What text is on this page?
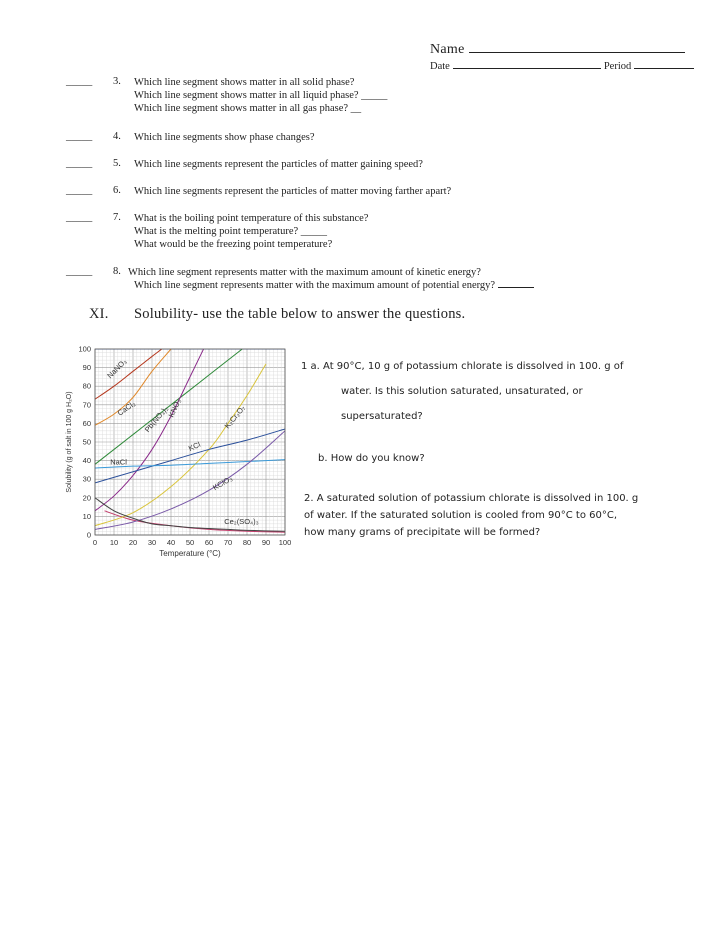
Name
Date	Period
_____ 3. Which line segment shows matter in all solid phase?
Which line segment shows matter in all liquid phase? _____
Which line segment shows matter in all gas phase? __
_____ 4. Which line segments show phase changes?
_____ 5. Which line segments represent the particles of matter gaining speed?
_____ 6. Which line segments represent the particles of matter moving farther apart?
_____ 7. What is the boiling point temperature of this substance?
What is the melting point temperature? _____
What would be the freezing point temperature?
_____ 8. Which line segment represents matter with the maximum amount of kinetic energy?
Which line segment represents matter with the maximum amount of potential energy?
XI. Solubility- use the table below to answer the questions.
0 10 20 30 40 50 60 70 80 90 100
0
10
20
30
40
50
60
70
80
90
100
Temperature (°C)
Solubility (g of salt in 100 g H₂O)
NaNO₃
CaCl₂ Pb(NO₃)₂
KNO₃	K₂Cr₂O₇
KCl
NaCl
KClO₃
Ce₂(SO₄)₃
1 a. At 90°C, 10 g of potassium chlorate is dissolved in 100. g of
water. Is this solution saturated, unsaturated, or
supersaturated?
b. How do you know?
2. A saturated solution of potassium chlorate is dissolved in 100. g
of water. If the saturated solution is cooled from 90°C to 60°C,
how many grams of precipitate will be formed?
